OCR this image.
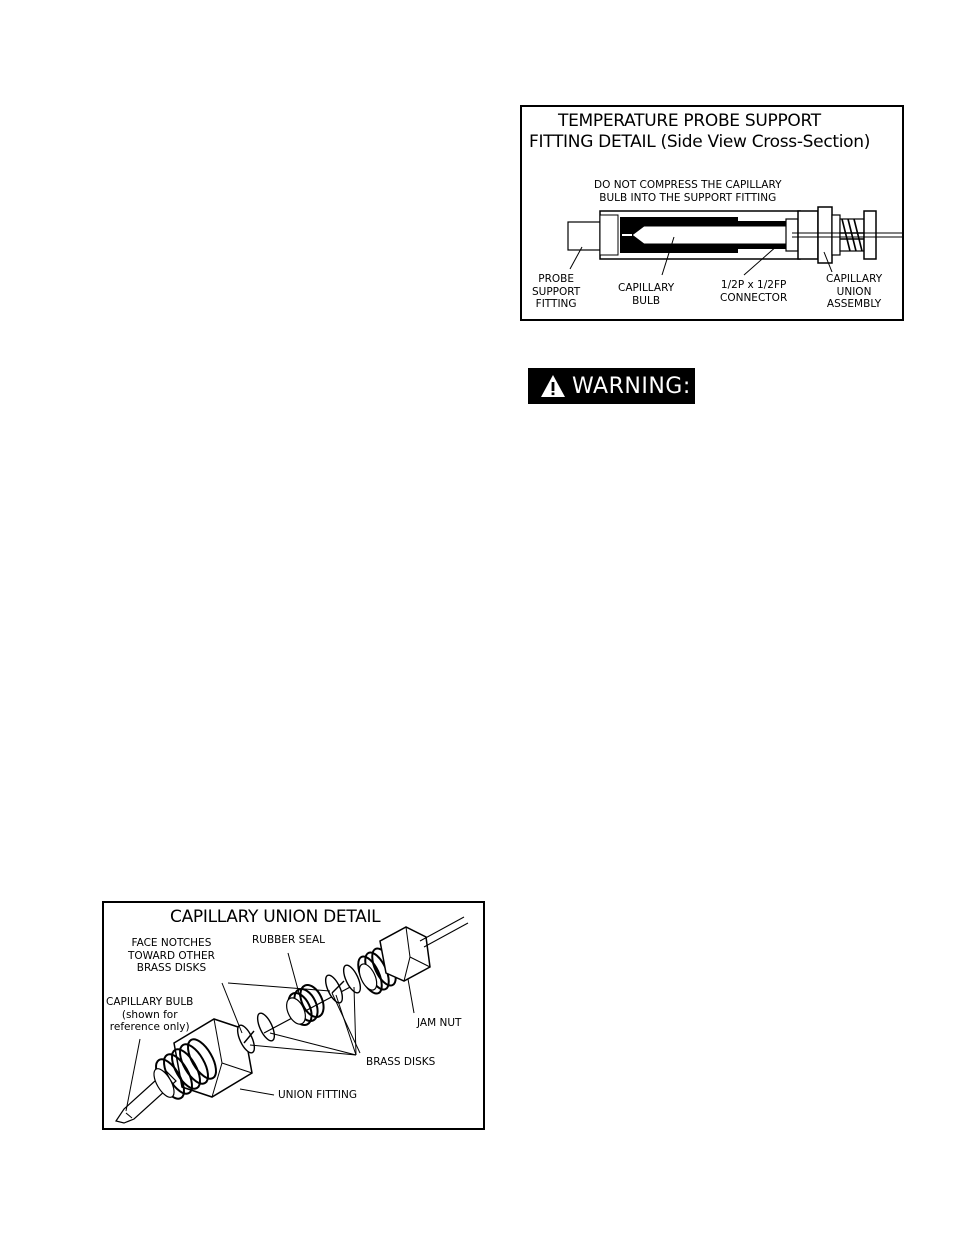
TEMPERATURE PROBE SUPPORT
FITTING DETAIL (Side View Cross-Section)
DO NOT COMPRESS THE CAPILLARY
BULB INTO THE SUPPORT FITTING
PROBE
SUPPORT
FITTING
CAPILLARY
BULB
1/2P x 1/2FP
CONNECTOR
CAPILLARY
UNION
ASSEMBLY
WARNING:
CAPILLARY UNION DETAIL
FACE NOTCHES
TOWARD OTHER
BRASS DISKS
RUBBER SEAL
CAPILLARY BULB
(shown for
reference only)	JAM NUT
BRASS DISKS
UNION FITTING
